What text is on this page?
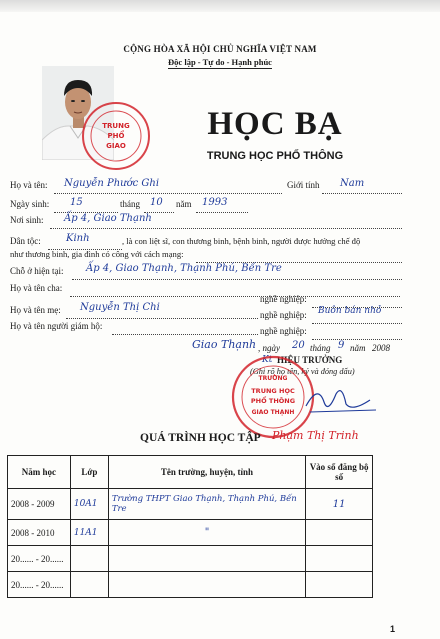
CỘNG HÒA XÃ HỘI CHỦ NGHĨA VIỆT NAM
Độc lập - Tự do - Hạnh phúc
TRUNG
PHỔ
GIAO
HỌC BẠ
TRUNG HỌC PHỔ THÔNG
Họ và tên: Nguyễn Phước Ghi	Giới tính Nam
Ngày sinh: 15	tháng 10 năm 1993
Nơi sinh: Ấp 4, Giao Thạnh
Dân tộc:	Kinh	, là con liệt sĩ, con thương binh, bệnh binh, người được hưởng chế độ
như thương binh, gia đình có công với cách mạng:
Chỗ ở hiện tại: Ấp 4, Giao Thạnh, Thạnh Phú, Bến Tre
Họ và tên cha:
nghề nghiệp:
Họ và tên mẹ: Nguyễn Thị Chi
nghề nghiệp: Buôn bán nhỏ
Họ và tên người giám hộ:	nghề nghiệp:
Giao Thạnh , ngày 20 tháng 9 năm 2008
Kt HIỆU TRƯỞNG
(Ghi rõ họ tên, ký và đóng dấu)
TRƯỜNG
TRUNG HỌC
PHỔ THÔNG
GIAO THẠNH
Phạm Thị Trinh
QUÁ TRÌNH HỌC TẬP
Năm học	Lớp	Tên trường, huyện, tỉnh	Vào sổ đăng bộ số
2008 - 2009	10A1	Trường THPT Giao Thạnh, Thạnh Phú, Bến Tre	11
2008 - 2010	11A1	"	
20...... - 20......			
20...... - 20......			
1
